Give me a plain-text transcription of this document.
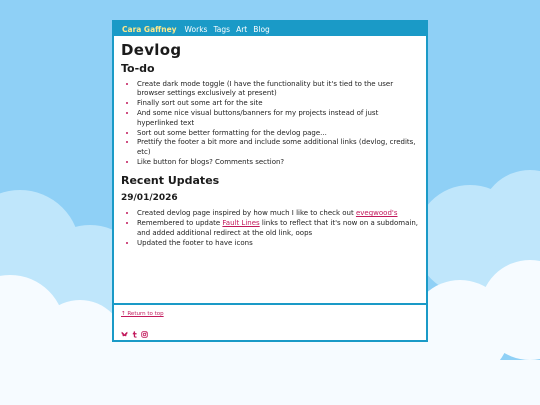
Cara Gaffney Works Tags Art Blog
Devlog
To-do
• Create dark mode toggle (I have the functionality but it's tied to the user browser settings exclusively at present)
• Finally sort out some art for the site
• And some nice visual buttons/banners for my projects instead of just hyperlinked text
• Sort out some better formatting for the devlog page...
• Prettify the footer a bit more and include some additional links (devlog, credits, etc)
• Like button for blogs? Comments section?
Recent Updates
29/01/2026
• Created devlog page inspired by how much I like to check out evegwood's
• Remembered to update Fault Lines links to reflect that it's now on a subdomain, and added additional redirect at the old link, oops
• Updated the footer to have icons
↑ Return to top
